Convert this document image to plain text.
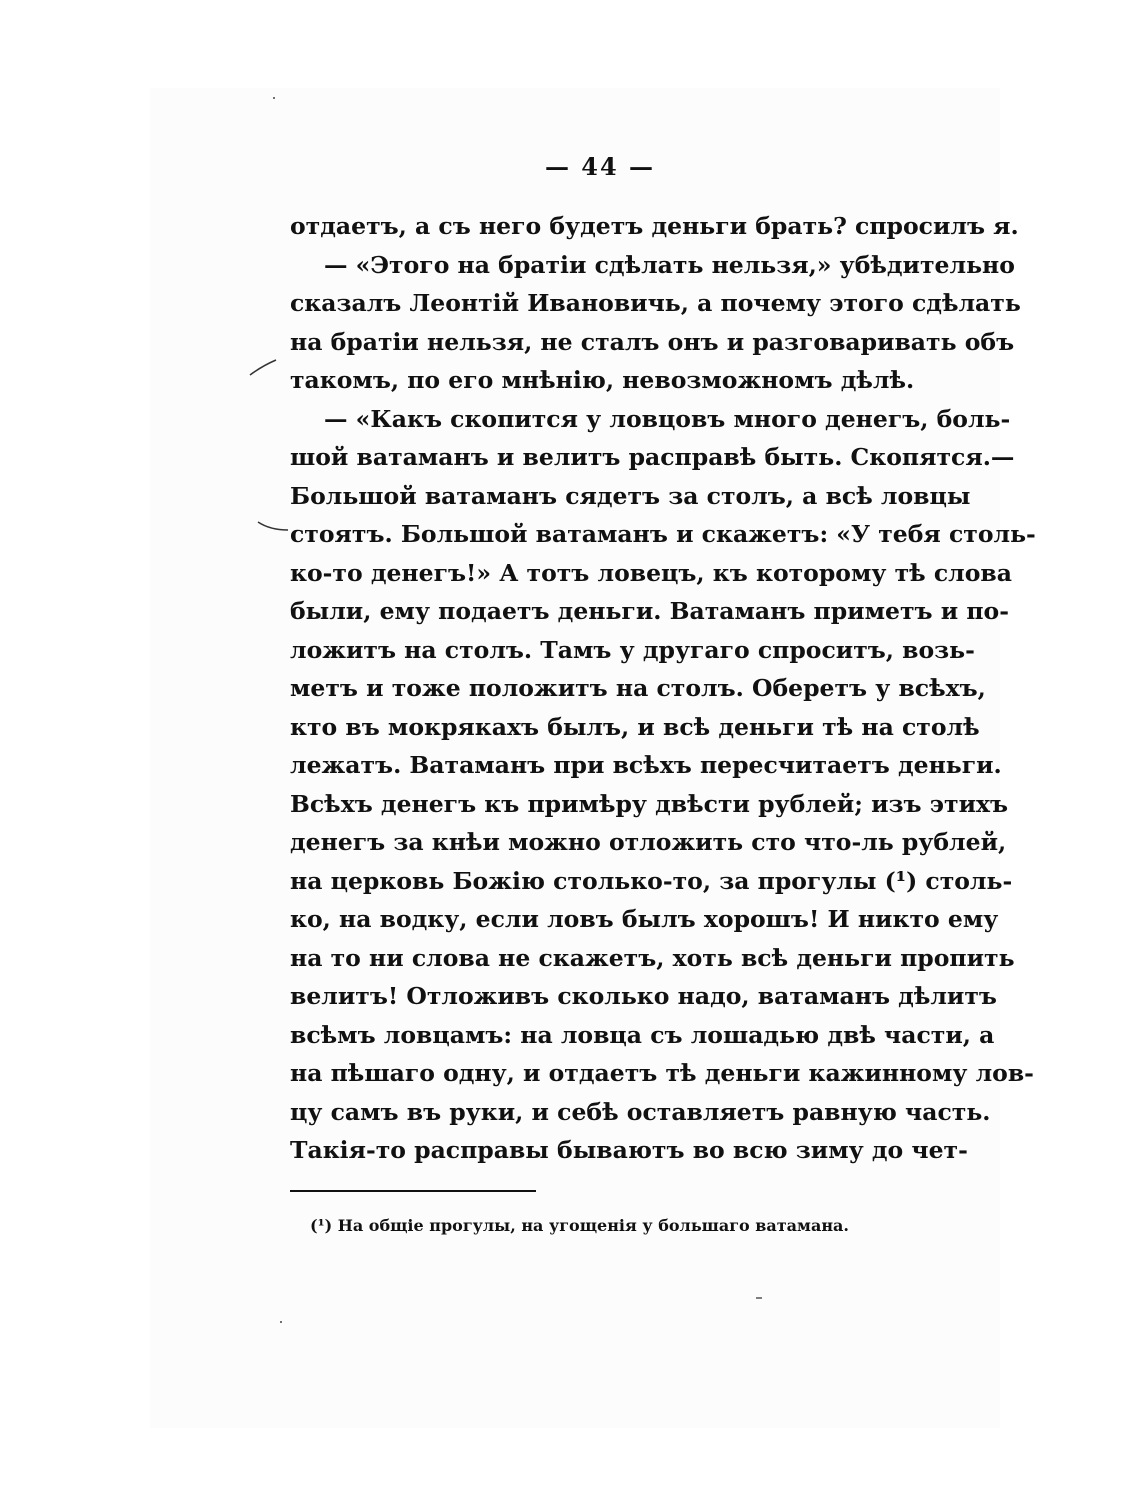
— 44 —
отдаетъ, а съ него будетъ деньги брать? спросилъ я.
— «Этого на братіи сдѣлать нельзя,» убѣдительно
сказалъ Леонтій Ивановичь, а почему этого сдѣлать
на братіи нельзя, не сталъ онъ и разговаривать объ
такомъ, по его мнѣнію, невозможномъ дѣлѣ.
— «Какъ скопится у ловцовъ много денегъ, боль-
шой ватаманъ и велитъ расправѣ быть. Скопятся.—
Большой ватаманъ сядетъ за столъ, а всѣ ловцы
стоятъ. Большой ватаманъ и скажетъ: «У тебя столь-
ко-то денегъ!» А тотъ ловецъ, къ которому тѣ слова
были, ему подаетъ деньги. Ватаманъ приметъ и по-
ложитъ на столъ. Тамъ у другаго спроситъ, возь-
метъ и тоже положитъ на столъ. Оберетъ у всѣхъ,
кто въ мокрякахъ былъ, и всѣ деньги тѣ на столѣ
лежатъ. Ватаманъ при всѣхъ пересчитаетъ деньги.
Всѣхъ денегъ къ примѣру двѣсти рублей; изъ этихъ
денегъ за кнѣи можно отложить сто что-ль рублей,
на церковь Божію столько-то, за прогулы (¹) столь-
ко, на водку, если ловъ былъ хорошъ! И никто ему
на то ни слова не скажетъ, хоть всѣ деньги пропить
велитъ! Отложивъ сколько надо, ватаманъ дѣлитъ
всѣмъ ловцамъ: на ловца съ лошадью двѣ части, а
на пѣшаго одну, и отдаетъ тѣ деньги кажинному лов-
цу самъ въ руки, и себѣ оставляетъ равную часть.
Такія-то расправы бываютъ во всю зиму до чет-
(¹) На общіе прогулы, на угощенія у большаго ватамана.
